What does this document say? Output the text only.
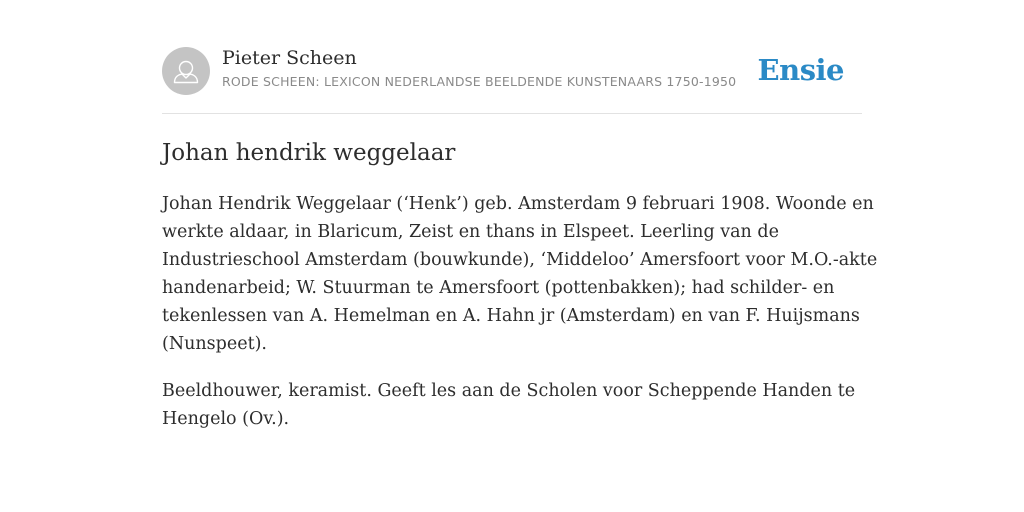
Pieter Scheen
RODE SCHEEN: LEXICON NEDERLANDSE BEELDENDE KUNSTENAARS 1750-1950 Ensie
Johan hendrik weggelaar

Johan Hendrik Weggelaar (‘Henk’) geb. Amsterdam 9 februari 1908. Woonde en
werkte aldaar, in Blaricum, Zeist en thans in Elspeet. Leerling van de
Industrieschool Amsterdam (bouwkunde), ‘Middeloo’ Amersfoort voor M.O.-akte
handenarbeid; W. Stuurman te Amersfoort (pottenbakken); had schilder- en
tekenlessen van A. Hemelman en A. Hahn jr (Amsterdam) en van F. Huijsmans
(Nunspeet).

Beeldhouwer, keramist. Geeft les aan de Scholen voor Scheppende Handen te
Hengelo (Ov.).
